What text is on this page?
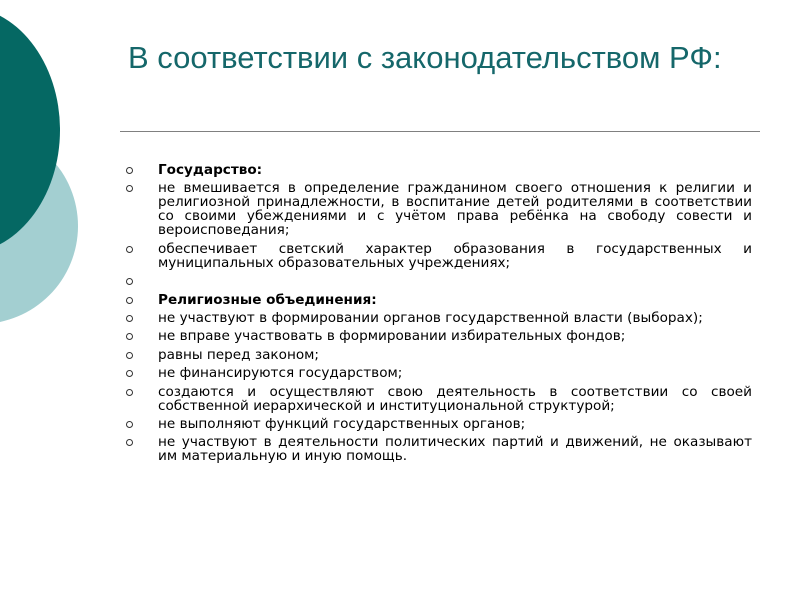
В соответствии с законодательством РФ:
Государство:
не вмешивается в определение гражданином своего отношения к религии и религиозной принадлежности, в воспитание детей родителями в соответствии со своими убеждениями и с учётом права ребёнка на свободу совести и вероисповедания;
обеспечивает светский характер образования в государственных и муниципальных образовательных учреждениях;
Религиозные объединения:
не участвуют в формировании органов государственной власти (выборах);
не вправе участвовать в формировании избирательных фондов;
равны перед законом;
не финансируются государством;
создаются и осуществляют свою деятельность в соответствии со своей собственной иерархической и институциональной структурой;
не выполняют функций государственных органов;
не участвуют в деятельности политических партий и движений, не оказывают им материальную и иную помощь.
